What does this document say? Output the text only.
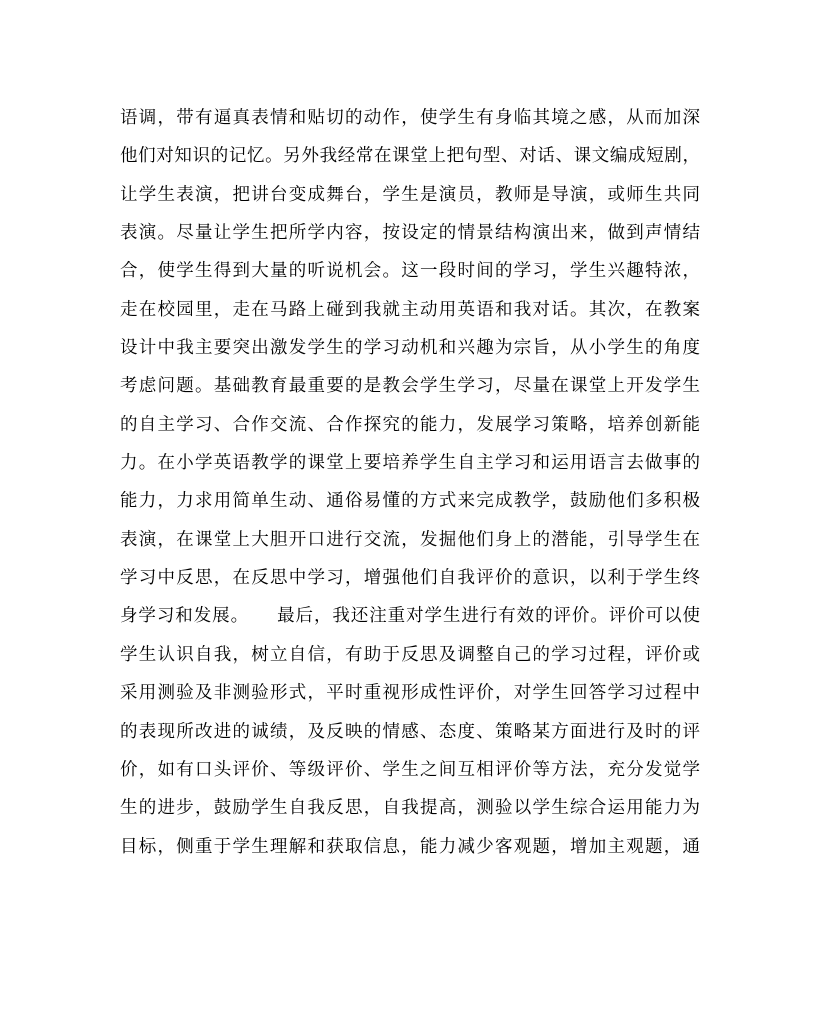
语调，带有逼真表情和贴切的动作，使学生有身临其境之感，从而加深
他们对知识的记忆。另外我经常在课堂上把句型、对话、课文编成短剧，
让学生表演，把讲台变成舞台，学生是演员，教师是导演，或师生共同
表演。尽量让学生把所学内容，按设定的情景结构演出来，做到声情结
合，使学生得到大量的听说机会。这一段时间的学习，学生兴趣特浓，
走在校园里，走在马路上碰到我就主动用英语和我对话。其次，在教案
设计中我主要突出激发学生的学习动机和兴趣为宗旨，从小学生的角度
考虑问题。基础教育最重要的是教会学生学习，尽量在课堂上开发学生
的自主学习、合作交流、合作探究的能力，发展学习策略，培养创新能
力。在小学英语教学的课堂上要培养学生自主学习和运用语言去做事的
能力，力求用简单生动、通俗易懂的方式来完成教学，鼓励他们多积极
表演，在课堂上大胆开口进行交流，发掘他们身上的潜能，引导学生在
学习中反思，在反思中学习，增强他们自我评价的意识，以利于学生终
身学习和发展。　　最后，我还注重对学生进行有效的评价。评价可以使
学生认识自我，树立自信，有助于反思及调整自己的学习过程，评价或
采用测验及非测验形式，平时重视形成性评价，对学生回答学习过程中
的表现所改进的诚绩，及反映的情感、态度、策略某方面进行及时的评
价，如有口头评价、等级评价、学生之间互相评价等方法，充分发觉学
生的进步，鼓励学生自我反思，自我提高，测验以学生综合运用能力为
目标，侧重于学生理解和获取信息，能力减少客观题，增加主观题，通
